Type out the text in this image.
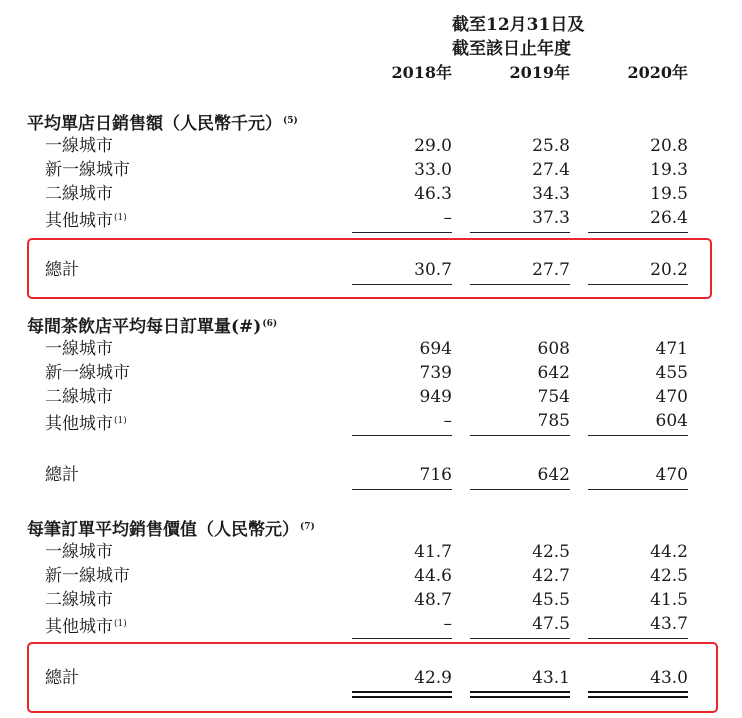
截至12月31日及
截至該日止年度
2018年	2019年	2020年
平均單店日銷售額（人民幣千元）$^{(5)}$
一線城市	29.0	25.8	20.8
新一線城市	33.0	27.4	19.3
二線城市	46.3	34.3	19.5
其他城市$^{(1)}$	–	37.3	26.4
總計	30.7	27.7	20.2
每間茶飲店平均每日訂單量(#)$^{(6)}$
一線城市	694	608	471
新一線城市	739	642	455
二線城市	949	754	470
其他城市$^{(1)}$	–	785	604
總計	716	642	470
每筆訂單平均銷售價值（人民幣元）$^{(7)}$
一線城市	41.7	42.5	44.2
新一線城市	44.6	42.7	42.5
二線城市	48.7	45.5	41.5
其他城市$^{(1)}$	–	47.5	43.7
總計	42.9	43.1	43.0
